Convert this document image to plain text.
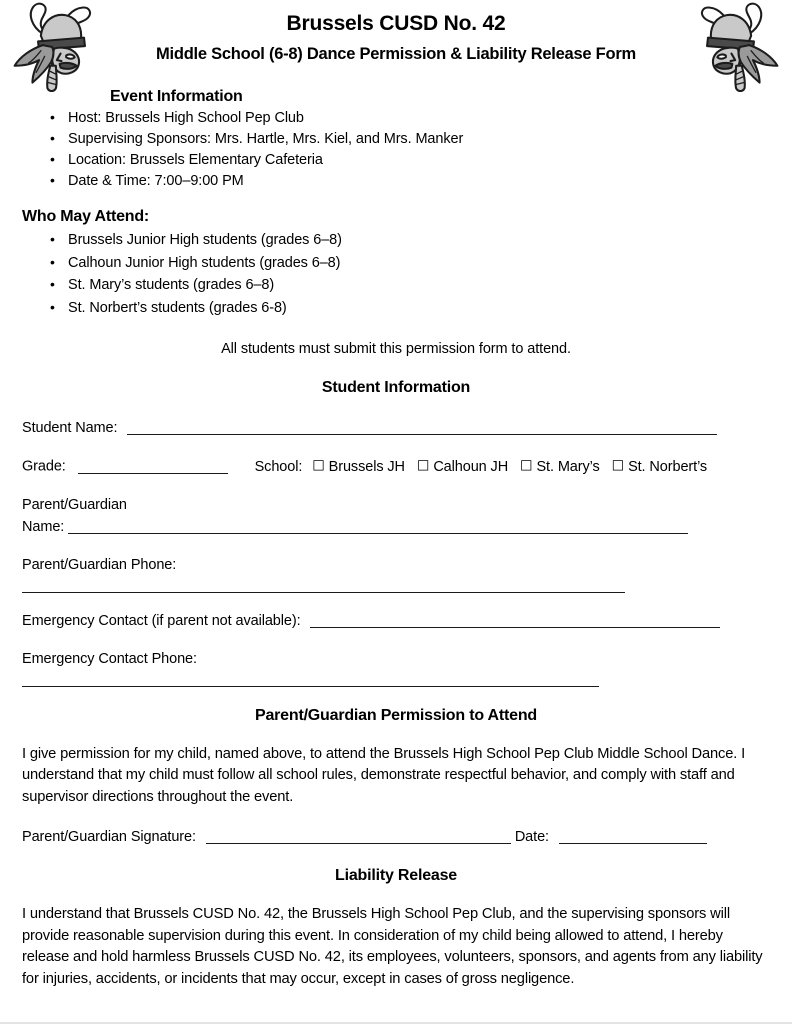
Brussels CUSD No. 42
Middle School (6-8) Dance Permission & Liability Release Form
Event Information
• Host: Brussels High School Pep Club
• Supervising Sponsors: Mrs. Hartle, Mrs. Kiel, and Mrs. Manker
• Location: Brussels Elementary Cafeteria
• Date & Time: 7:00–9:00 PM
Who May Attend:
• Brussels Junior High students (grades 6–8)
• Calhoun Junior High students (grades 6–8)
• St. Mary’s students (grades 6–8)
• St. Norbert’s students (grades 6-8)

All students must submit this permission form to attend.

Student Information
Student Name:
Grade:	School: ☐ Brussels JH ☐ Calhoun JH ☐ St. Mary’s ☐ St. Norbert’s
Parent/Guardian
Name:
Parent/Guardian Phone:
Emergency Contact (if parent not available):
Emergency Contact Phone:
Parent/Guardian Permission to Attend

I give permission for my child, named above, to attend the Brussels High School Pep Club Middle School Dance. I understand that my child must follow all school rules, demonstrate respectful behavior, and comply with staff and supervisor directions throughout the event.

Parent/Guardian Signature:	Date:
Liability Release

I understand that Brussels CUSD No. 42, the Brussels High School Pep Club, and the supervising sponsors will provide reasonable supervision during this event. In consideration of my child being allowed to attend, I hereby release and hold harmless Brussels CUSD No. 42, its employees, volunteers, sponsors, and agents from any liability for injuries, accidents, or incidents that may occur, except in cases of gross negligence.
